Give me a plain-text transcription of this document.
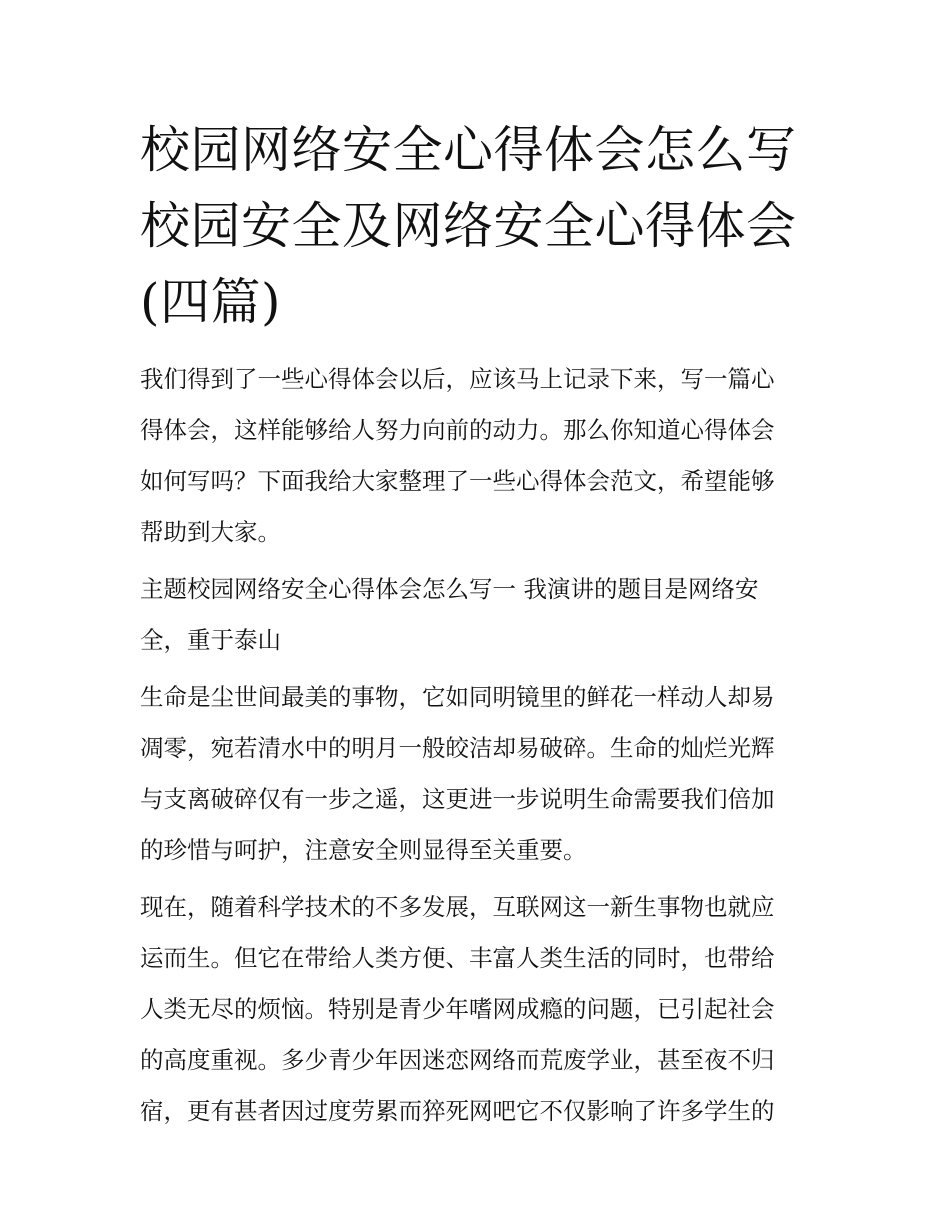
校园网络安全心得体会怎么写
校园安全及网络安全心得体会
(四篇)

我们得到了一些心得体会以后，应该马上记录下来，写一篇心
得体会，这样能够给人努力向前的动力。那么你知道心得体会
如何写吗？下面我给大家整理了一些心得体会范文，希望能够
帮助到大家。

主题校园网络安全心得体会怎么写一 我演讲的题目是网络安
全，重于泰山

生命是尘世间最美的事物，它如同明镜里的鲜花一样动人却易
凋零，宛若清水中的明月一般皎洁却易破碎。生命的灿烂光辉
与支离破碎仅有一步之遥，这更进一步说明生命需要我们倍加
的珍惜与呵护，注意安全则显得至关重要。

现在，随着科学技术的不多发展，互联网这一新生事物也就应
运而生。但它在带给人类方便、丰富人类生活的同时，也带给
人类无尽的烦恼。特别是青少年嗜网成瘾的问题，已引起社会
的高度重视。多少青少年因迷恋网络而荒废学业，甚至夜不归
宿，更有甚者因过度劳累而猝死网吧它不仅影响了许多学生的
